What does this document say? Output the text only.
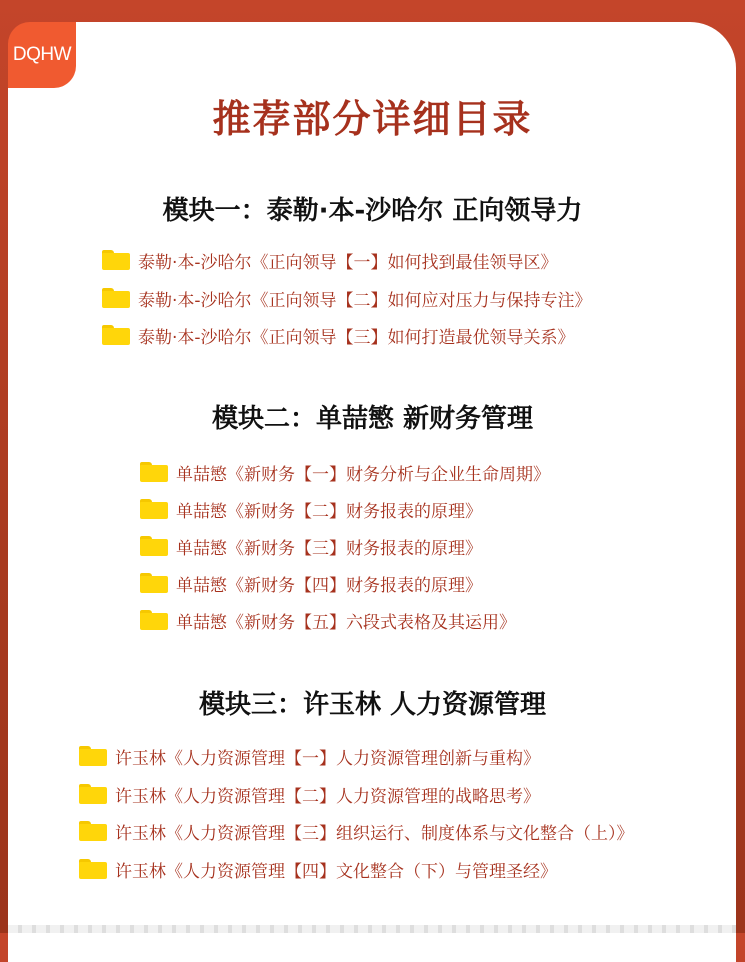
DQHW
推荐部分详细目录
模块一：泰勒·本-沙哈尔 正向领导力
泰勒·本-沙哈尔《正向领导【一】如何找到最佳领导区》
泰勒·本-沙哈尔《正向领导【二】如何应对压力与保持专注》
泰勒·本-沙哈尔《正向领导【三】如何打造最优领导关系》
模块二：单喆慜 新财务管理
单喆慜《新财务【一】财务分析与企业生命周期》
单喆慜《新财务【二】财务报表的原理》
单喆慜《新财务【三】财务报表的原理》
单喆慜《新财务【四】财务报表的原理》
单喆慜《新财务【五】六段式表格及其运用》
模块三：许玉林 人力资源管理
许玉林《人力资源管理【一】人力资源管理创新与重构》
许玉林《人力资源管理【二】人力资源管理的战略思考》
许玉林《人力资源管理【三】组织运行、制度体系与文化整合（上）》
许玉林《人力资源管理【四】文化整合（下）与管理圣经》
